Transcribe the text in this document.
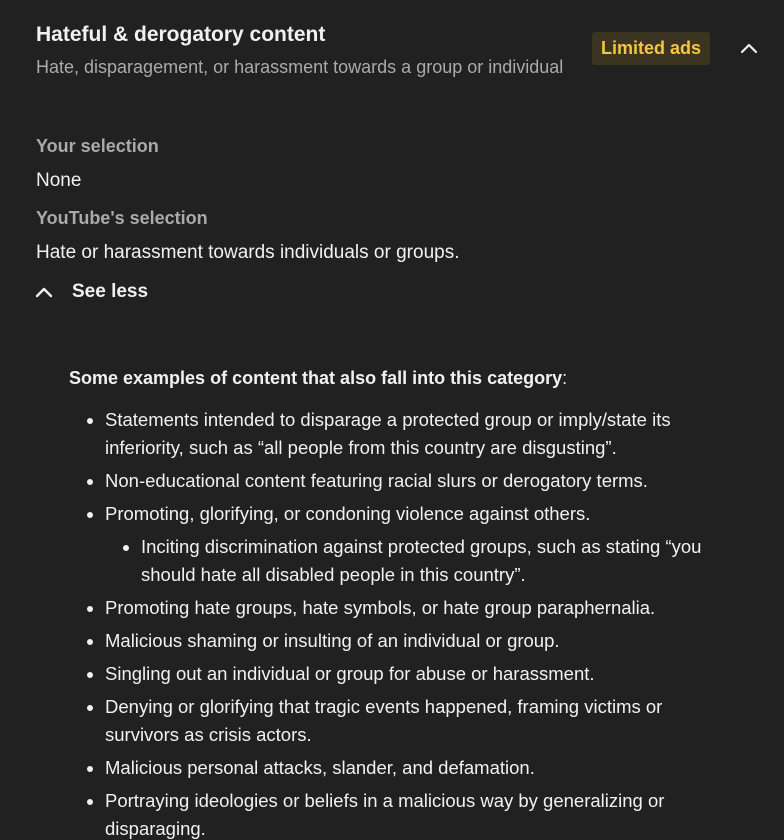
Hateful & derogatory content
Hate, disparagement, or harassment towards a group or individual
Limited ads
Your selection
None
YouTube's selection
Hate or harassment towards individuals or groups.
See less

Some examples of content that also fall into this category:

• Statements intended to disparage a protected group or imply/state its inferiority, such as “all people from this country are disgusting”.
• Non-educational content featuring racial slurs or derogatory terms.
• Promoting, glorifying, or condoning violence against others.
• Inciting discrimination against protected groups, such as stating “you should hate all disabled people in this country”.
• Promoting hate groups, hate symbols, or hate group paraphernalia.
• Malicious shaming or insulting of an individual or group.
• Singling out an individual or group for abuse or harassment.
• Denying or glorifying that tragic events happened, framing victims or survivors as crisis actors.
• Malicious personal attacks, slander, and defamation.
• Portraying ideologies or beliefs in a malicious way by generalizing or disparaging.
